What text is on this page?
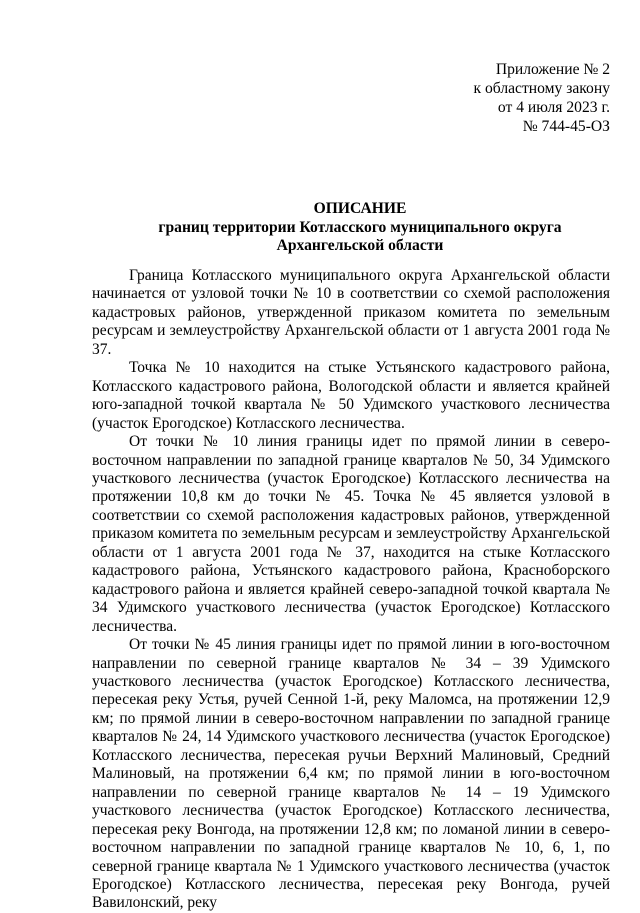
Приложение № 2
к областному закону
от 4 июля 2023 г.
№ 744-45-ОЗ
ОПИСАНИЕ
границ территории Котласского муниципального округа
Архангельской области

Граница Котласского муниципального округа Архангельской области начинается от узловой точки № 10 в соответствии со схемой расположения кадастровых районов, утвержденной приказом комитета по земельным ресурсам и землеустройству Архангельской области от 1 августа 2001 года № 37.

Точка № 10 находится на стыке Устьянского кадастрового района, Котласского кадастрового района, Вологодской области и является крайней юго-западной точкой квартала № 50 Удимского участкового лесничества (участок Ерогодское) Котласского лесничества.

От точки № 10 линия границы идет по прямой линии в северо-восточном направлении по западной границе кварталов № 50, 34 Удимского участкового лесничества (участок Ерогодское) Котласского лесничества на протяжении 10,8 км до точки № 45. Точка № 45 является узловой в соответствии со схемой расположения кадастровых районов, утвержденной приказом комитета по земельным ресурсам и землеустройству Архангельской области от 1 августа 2001 года № 37, находится на стыке Котласского кадастрового района, Устьянского кадастрового района, Красноборского кадастрового района и является крайней северо-западной точкой квартала № 34 Удимского участкового лесничества (участок Ерогодское) Котласского лесничества.

От точки № 45 линия границы идет по прямой линии в юго-восточном направлении по северной границе кварталов № 34 – 39 Удимского участкового лесничества (участок Ерогодское) Котласского лесничества, пересекая реку Устья, ручей Сенной 1-й, реку Маломса, на протяжении 12,9 км; по прямой линии в северо-восточном направлении по западной границе кварталов № 24, 14 Удимского участкового лесничества (участок Ерогодское) Котласского лесничества, пересекая ручьи Верхний Малиновый, Средний Малиновый, на протяжении 6,4 км; по прямой линии в юго-восточном направлении по северной границе кварталов № 14 – 19 Удимского участкового лесничества (участок Ерогодское) Котласского лесничества, пересекая реку Вонгода, на протяжении 12,8 км; по ломаной линии в северо-восточном направлении по западной границе кварталов № 10, 6, 1, по северной границе квартала № 1 Удимского участкового лесничества (участок Ерогодское) Котласского лесничества, пересекая реку Вонгода, ручей Вавилонский, реку
